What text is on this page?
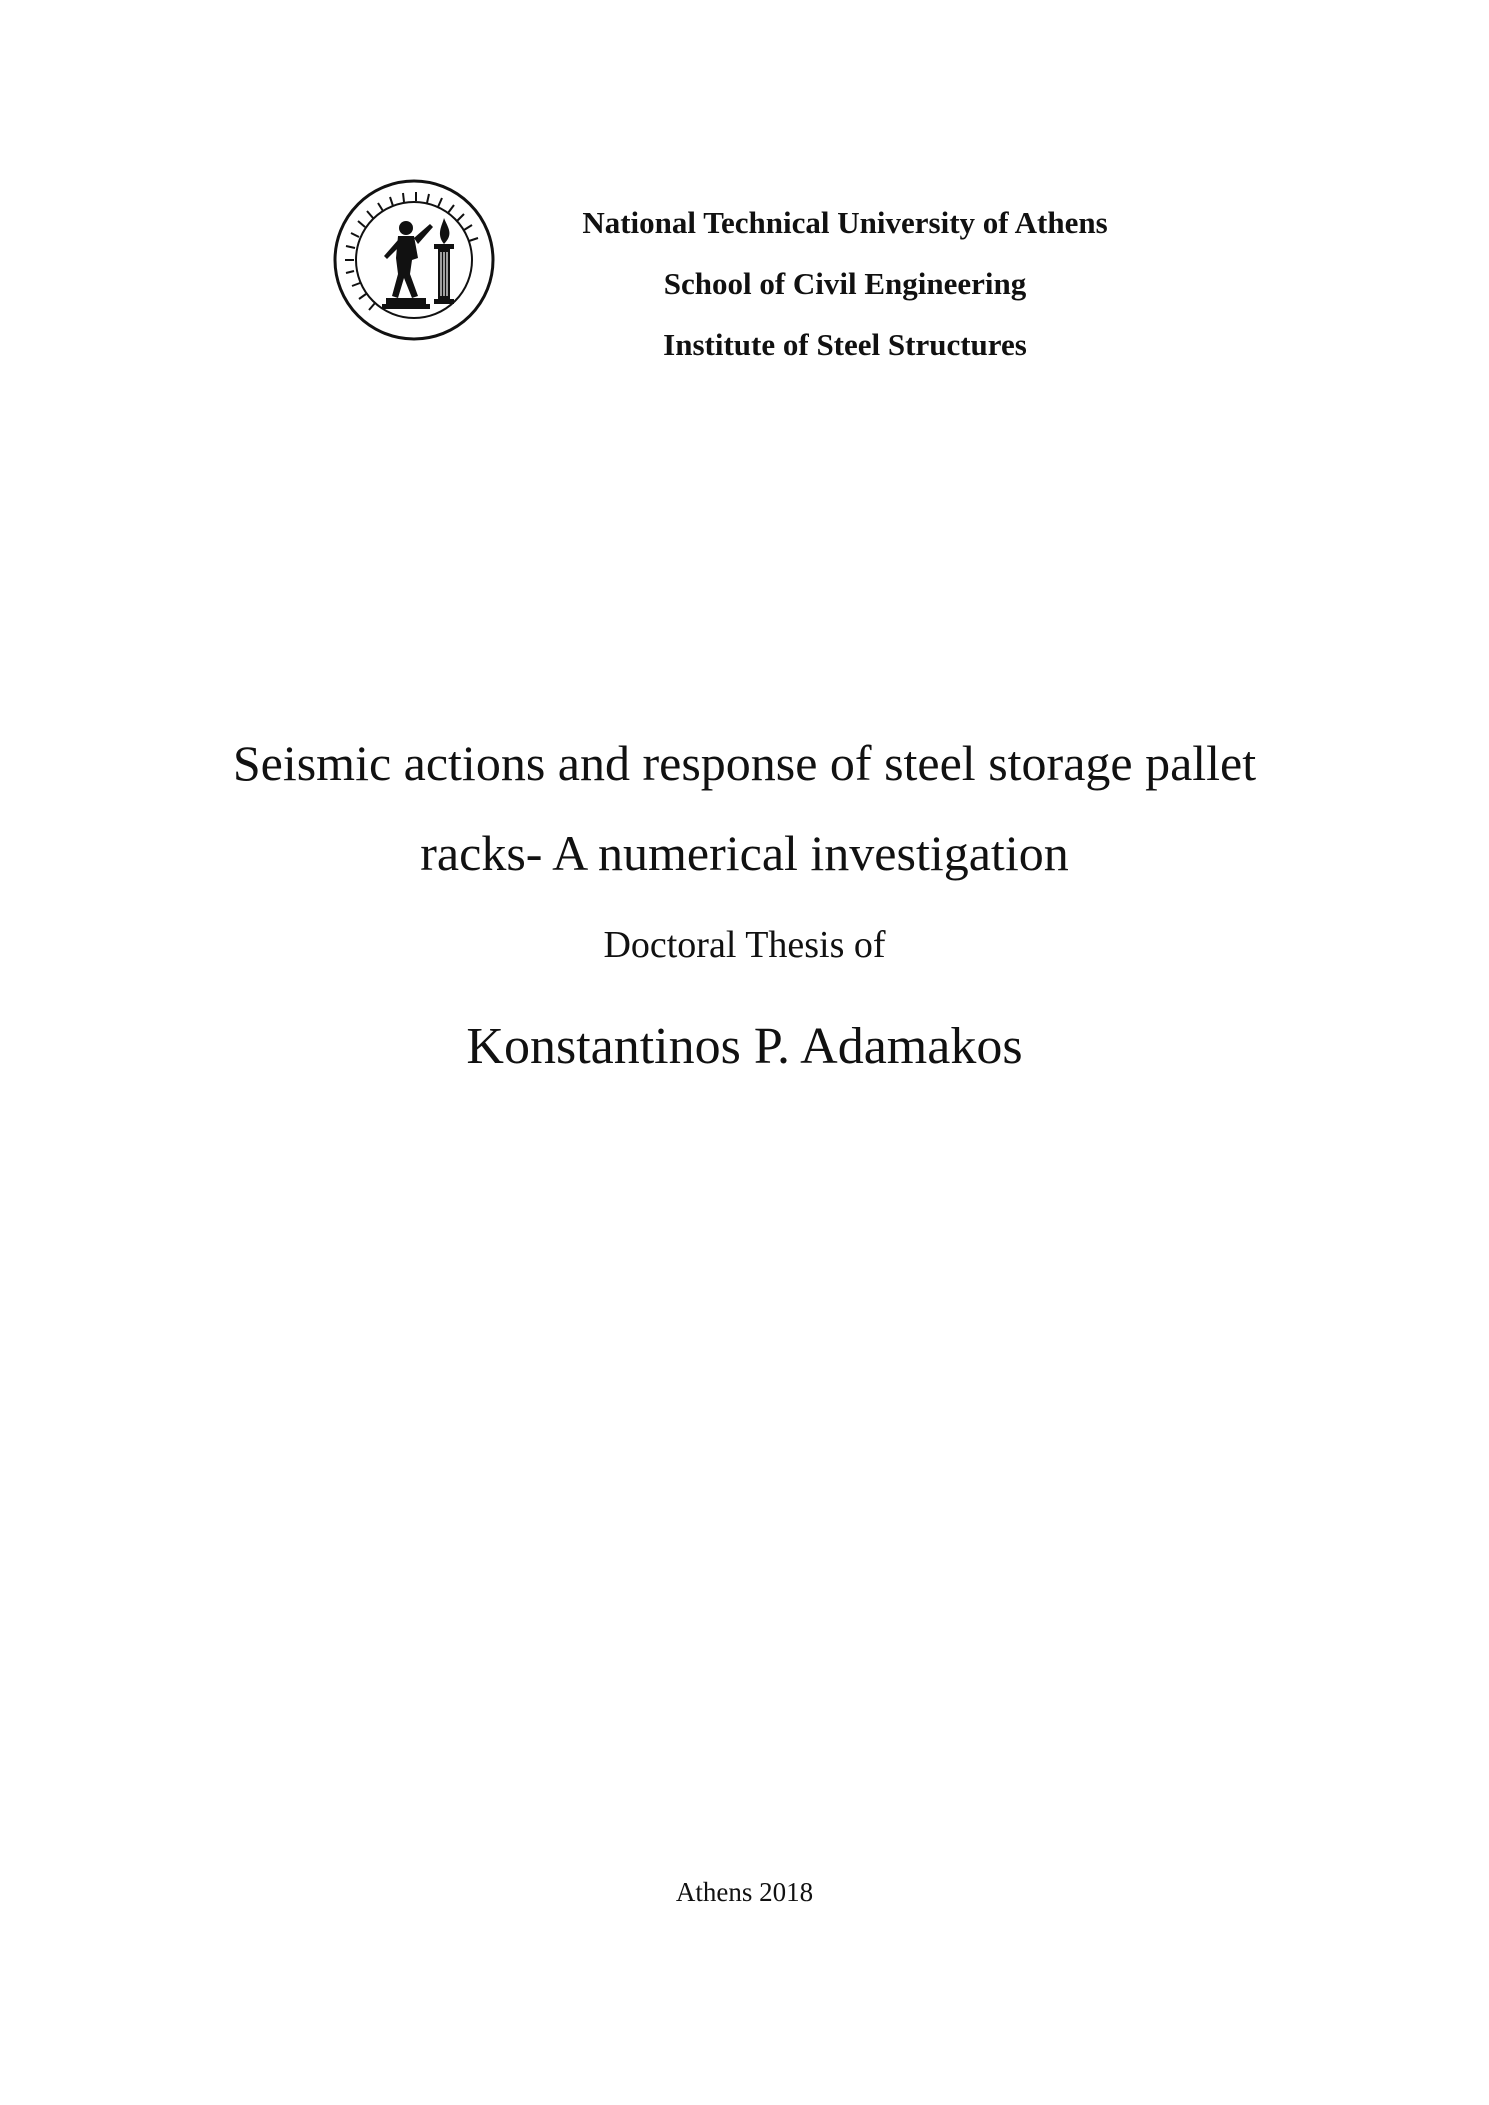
National Technical University of Athens
School of Civil Engineering
Institute of Steel Structures
Seismic actions and response of steel storage pallet
racks- A numerical investigation
Doctoral Thesis of
Konstantinos P. Adamakos
Athens 2018
